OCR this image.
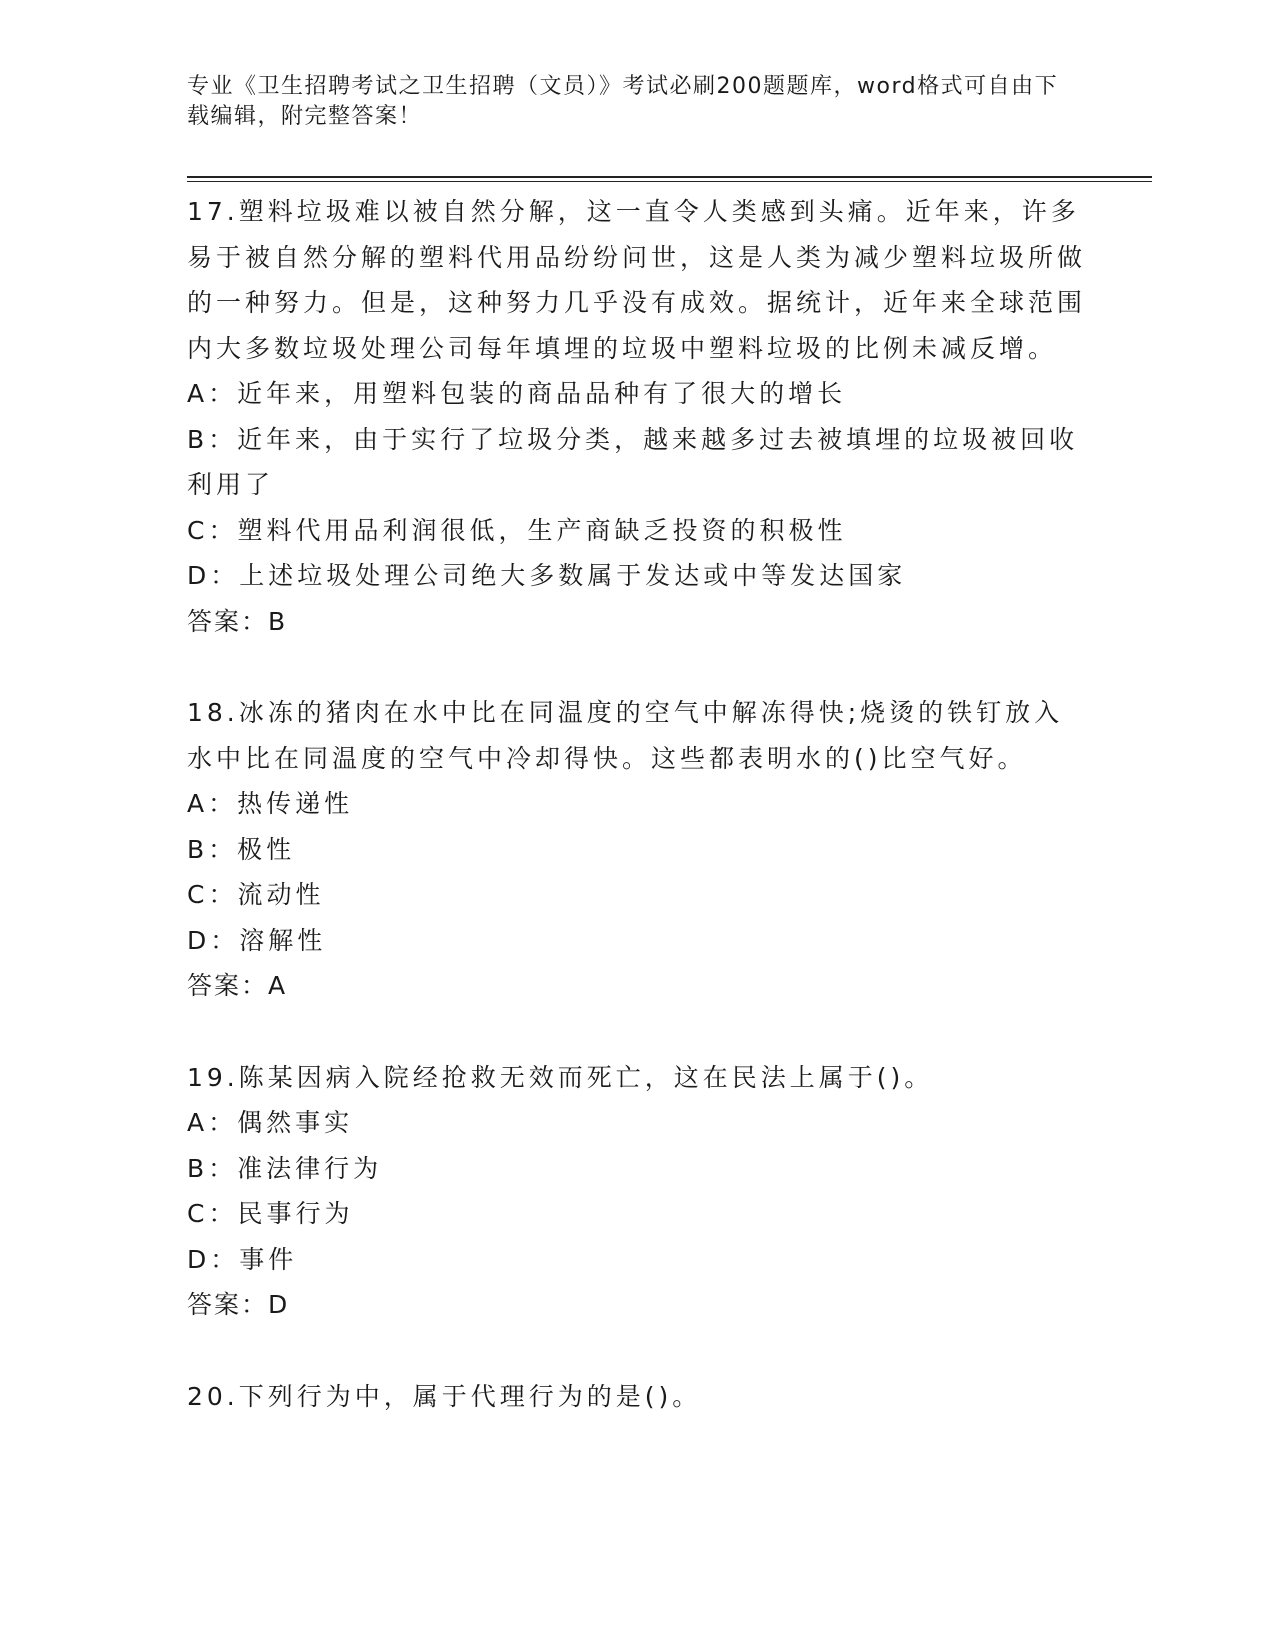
专业《卫生招聘考试之卫生招聘（文员）》考试必刷200题题库，word格式可自由下载编辑，附完整答案！

17.塑料垃圾难以被自然分解，这一直令人类感到头痛。近年来，许多易于被自然分解的塑料代用品纷纷问世，这是人类为减少塑料垃圾所做的一种努力。但是，这种努力几乎没有成效。据统计，近年来全球范围内大多数垃圾处理公司每年填埋的垃圾中塑料垃圾的比例未减反增。

A：近年来，用塑料包装的商品品种有了很大的增长

B：近年来，由于实行了垃圾分类，越来越多过去被填埋的垃圾被回收利用了

C：塑料代用品利润很低，生产商缺乏投资的积极性

D：上述垃圾处理公司绝大多数属于发达或中等发达国家

答案：B

18.冰冻的猪肉在水中比在同温度的空气中解冻得快;烧烫的铁钉放入水中比在同温度的空气中冷却得快。这些都表明水的()比空气好。

A：热传递性

B：极性

C：流动性

D：溶解性

答案：A

19.陈某因病入院经抢救无效而死亡，这在民法上属于()。

A：偶然事实

B：准法律行为

C：民事行为

D：事件

答案：D

20.下列行为中，属于代理行为的是()。
